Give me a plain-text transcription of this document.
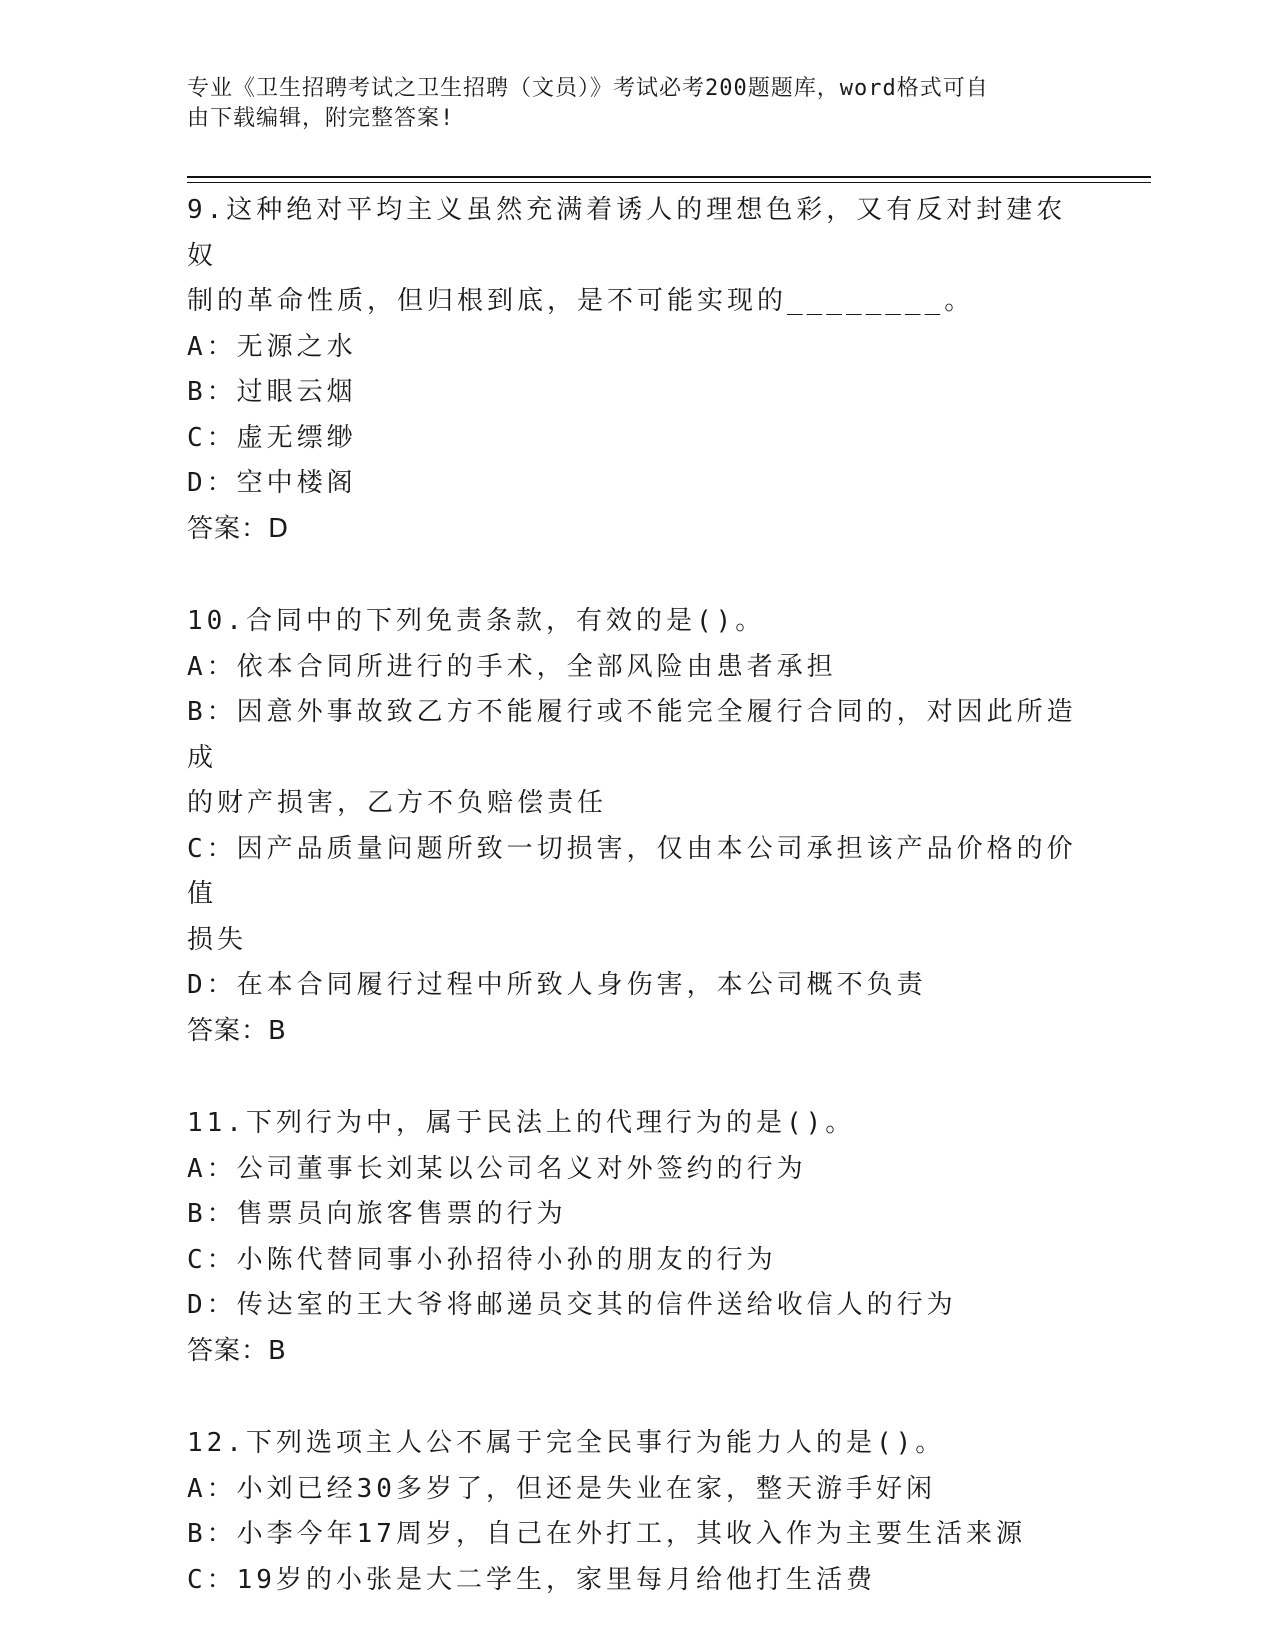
专业《卫生招聘考试之卫生招聘（文员）》考试必考200题题库，word格式可自
由下载编辑，附完整答案!

9.这种绝对平均主义虽然充满着诱人的理想色彩，又有反对封建农奴

制的革命性质，但归根到底，是不可能实现的________。

A：无源之水

B：过眼云烟

C：虚无缥缈

D：空中楼阁

答案：D

10.合同中的下列免责条款，有效的是()。

A：依本合同所进行的手术，全部风险由患者承担

B：因意外事故致乙方不能履行或不能完全履行合同的，对因此所造成

的财产损害，乙方不负赔偿责任

C：因产品质量问题所致一切损害，仅由本公司承担该产品价格的价值

损失

D：在本合同履行过程中所致人身伤害，本公司概不负责

答案：B

11.下列行为中，属于民法上的代理行为的是()。

A：公司董事长刘某以公司名义对外签约的行为

B：售票员向旅客售票的行为

C：小陈代替同事小孙招待小孙的朋友的行为

D：传达室的王大爷将邮递员交其的信件送给收信人的行为

答案：B

12.下列选项主人公不属于完全民事行为能力人的是()。

A：小刘已经30多岁了，但还是失业在家，整天游手好闲

B：小李今年17周岁，自己在外打工，其收入作为主要生活来源

C：19岁的小张是大二学生，家里每月给他打生活费
